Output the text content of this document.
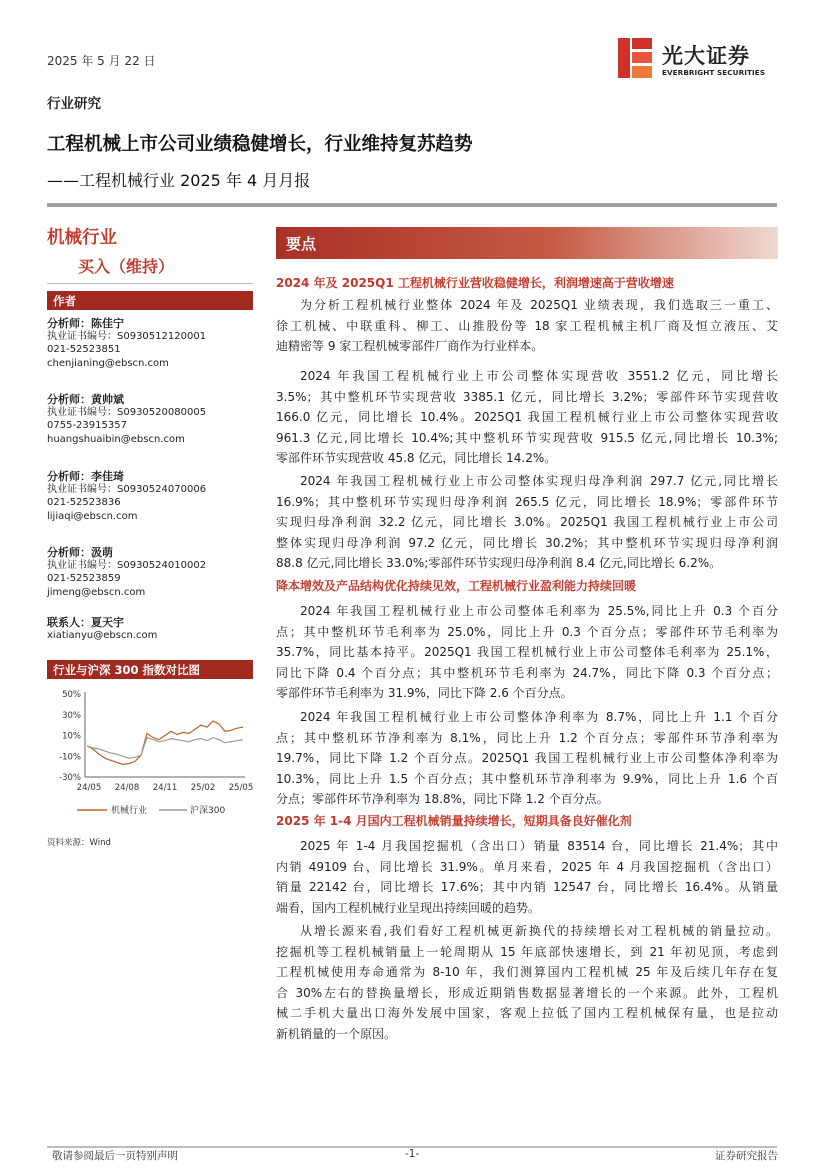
2025 年 5 月 22 日	光大证券
EVERBRIGHT SECURITIES
行业研究
工程机械上市公司业绩稳健增长，行业维持复苏趋势
——工程机械行业 2025 年 4 月月报
机械行业
买入（维持）
作者
分析师：陈佳宁
执业证书编号：S0930512120001
021-52523851
chenjianing@ebscn.com
分析师：黄帅斌
执业证书编号：S0930520080005
0755-23915357
huangshuaibin@ebscn.com
分析师：李佳琦
执业证书编号：S0930524070006
021-52523836
lijiaqi@ebscn.com
分析师：汲萌
执业证书编号：S0930524010002
021-52523859
jimeng@ebscn.com
联系人：夏天宇
xiatianyu@ebscn.com
行业与沪深 300 指数对比图
50%
30%
10%
-10%
-30%
24/05 24/08 24/11 25/02 25/05
机械行业	沪深300
资料来源：Wind
要点
2024 年及 2025Q1 工程机械行业营收稳健增长，利润增速高于营收增速
为分析工程机械行业整体 2024 年及 2025Q1 业绩表现，我们选取三一重工、
徐工机械、中联重科、柳工、山推股份等 18 家工程机械主机厂商及恒立液压、艾
迪精密等 9 家工程机械零部件厂商作为行业样本。
2024 年我国工程机械行业上市公司整体实现营收 3551.2 亿元，同比增长
3.5%；其中整机环节实现营收 3385.1 亿元，同比增长 3.2%；零部件环节实现营收
166.0 亿元，同比增长 10.4%。2025Q1 我国工程机械行业上市公司整体实现营收
961.3 亿元,同比增长 10.4%;其中整机环节实现营收 915.5 亿元,同比增长 10.3%;
零部件环节实现营收 45.8 亿元，同比增长 14.2%。
2024 年我国工程机械行业上市公司整体实现归母净利润 297.7 亿元,同比增长
16.9%；其中整机环节实现归母净利润 265.5 亿元，同比增长 18.9%；零部件环节
实现归母净利润 32.2 亿元，同比增长 3.0%。2025Q1 我国工程机械行业上市公司
整体实现归母净利润 97.2 亿元，同比增长 30.2%；其中整机环节实现归母净利润
88.8 亿元,同比增长 33.0%;零部件环节实现归母净利润 8.4 亿元,同比增长 6.2%。
降本增效及产品结构优化持续见效，工程机械行业盈利能力持续回暖
2024 年我国工程机械行业上市公司整体毛利率为 25.5%,同比上升 0.3 个百分
点；其中整机环节毛利率为 25.0%，同比上升 0.3 个百分点；零部件环节毛利率为
35.7%，同比基本持平。2025Q1 我国工程机械行业上市公司整体毛利率为 25.1%，
同比下降 0.4 个百分点；其中整机环节毛利率为 24.7%，同比下降 0.3 个百分点；
零部件环节毛利率为 31.9%，同比下降 2.6 个百分点。
2024 年我国工程机械行业上市公司整体净利率为 8.7%，同比上升 1.1 个百分
点；其中整机环节净利率为 8.1%，同比上升 1.2 个百分点；零部件环节净利率为
19.7%，同比下降 1.2 个百分点。2025Q1 我国工程机械行业上市公司整体净利率为
10.3%，同比上升 1.5 个百分点；其中整机环节净利率为 9.9%，同比上升 1.6 个百
分点；零部件环节净利率为 18.8%，同比下降 1.2 个百分点。
2025 年 1-4 月国内工程机械销量持续增长，短期具备良好催化剂
2025 年 1-4 月我国挖掘机（含出口）销量 83514 台，同比增长 21.4%；其中
内销 49109 台，同比增长 31.9%。单月来看，2025 年 4 月我国挖掘机（含出口）
销量 22142 台，同比增长 17.6%；其中内销 12547 台，同比增长 16.4%。从销量
端看，国内工程机械行业呈现出持续回暖的趋势。
从增长源来看,我们看好工程机械更新换代的持续增长对工程机械的销量拉动。
挖掘机等工程机械销量上一轮周期从 15 年底部快速增长，到 21 年初见顶，考虑到
工程机械使用寿命通常为 8-10 年，我们测算国内工程机械 25 年及后续几年存在复
合 30%左右的替换量增长，形成近期销售数据显著增长的一个来源。此外，工程机
械二手机大量出口海外发展中国家，客观上拉低了国内工程机械保有量，也是拉动
新机销量的一个原因。
敬请参阅最后一页特别声明	-1-	证券研究报告
